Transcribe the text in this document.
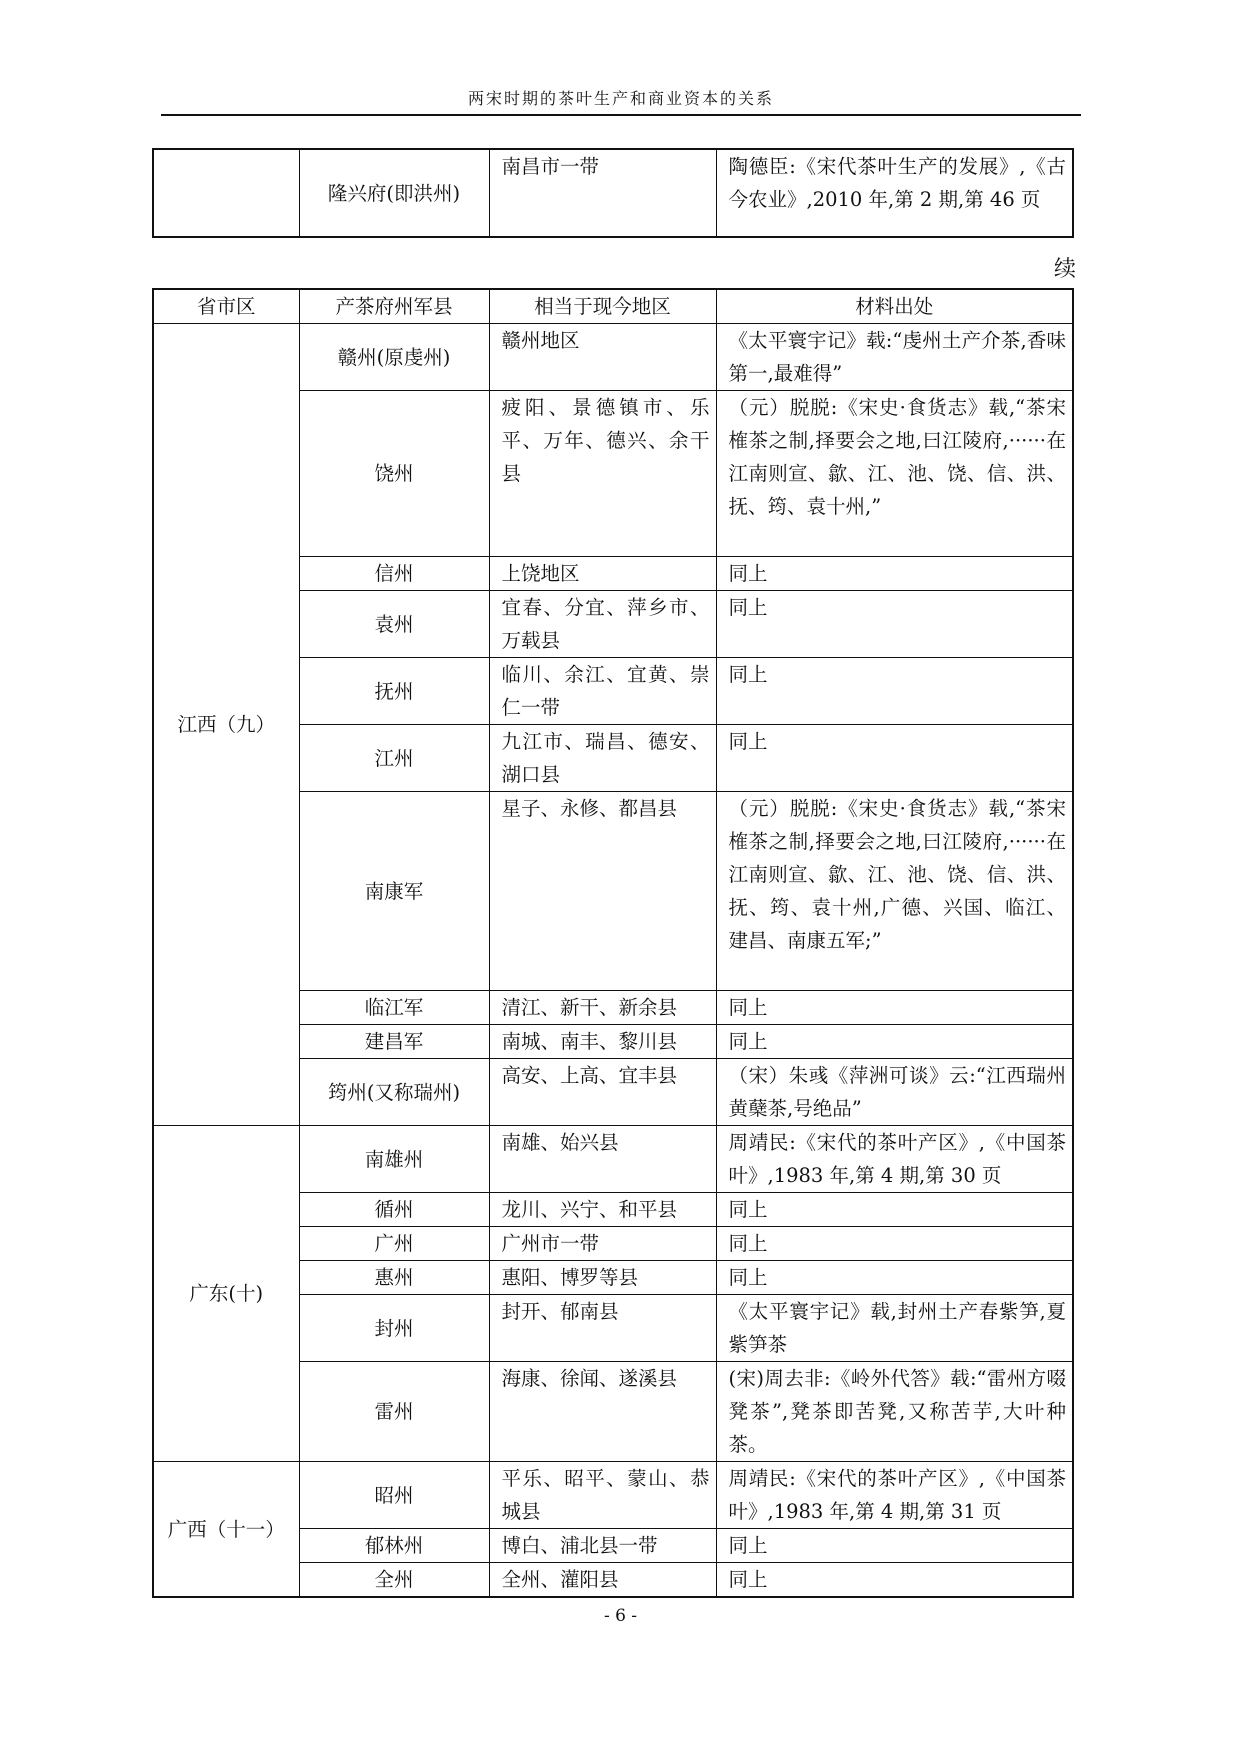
两宋时期的茶叶生产和商业资本的关系
	隆兴府(即洪州)	南昌市一带	陶德臣:《宋代茶叶生产的发展》,《古今农业》,2010 年,第 2 期,第 46 页
续
省市区	产茶府州军县	相当于现今地区	材料出处
江西（九）	赣州(原虔州)	赣州地区	《太平寰宇记》载:“虔州土产介茶,香味第一,最难得”
	饶州	疲阳、景德镇市、乐平、万年、德兴、余干县	（元）脱脱:《宋史·食货志》载,“茶宋榷茶之制,择要会之地,曰江陵府,······在江南则宣、歙、江、池、饶、信、洪、抚、筠、袁十州,”
	信州	上饶地区	同上
	袁州	宜春、分宜、萍乡市、万载县	同上
	抚州	临川、余江、宜黄、崇仁一带	同上
	江州	九江市、瑞昌、德安、湖口县	同上
	南康军	星子、永修、都昌县	（元）脱脱:《宋史·食货志》载,“茶宋榷茶之制,择要会之地,曰江陵府,······在江南则宣、歙、江、池、饶、信、洪、抚、筠、袁十州,广德、兴国、临江、建昌、南康五军;”
	临江军	清江、新干、新余县	同上
	建昌军	南城、南丰、黎川县	同上
	筠州(又称瑞州)	高安、上高、宜丰县	（宋）朱彧《萍洲可谈》云:“江西瑞州黄蘖茶,号绝品”
广东(十)	南雄州	南雄、始兴县	周靖民:《宋代的茶叶产区》,《中国茶叶》,1983 年,第 4 期,第 30 页
	循州	龙川、兴宁、和平县	同上
	广州	广州市一带	同上
	惠州	惠阳、博罗等县	同上
	封州	封开、郁南县	《太平寰宇记》载,封州土产春紫笋,夏紫笋茶
	雷州	海康、徐闻、遂溪县	(宋)周去非:《岭外代答》载:“雷州方啜凳茶”,凳茶即苦凳,又称苦芋,大叶种茶。
广西（十一）	昭州	平乐、昭平、蒙山、恭城县	周靖民:《宋代的茶叶产区》,《中国茶叶》,1983 年,第 4 期,第 31 页
	郁林州	博白、浦北县一带	同上
	全州	全州、灌阳县	同上
- 6 -
